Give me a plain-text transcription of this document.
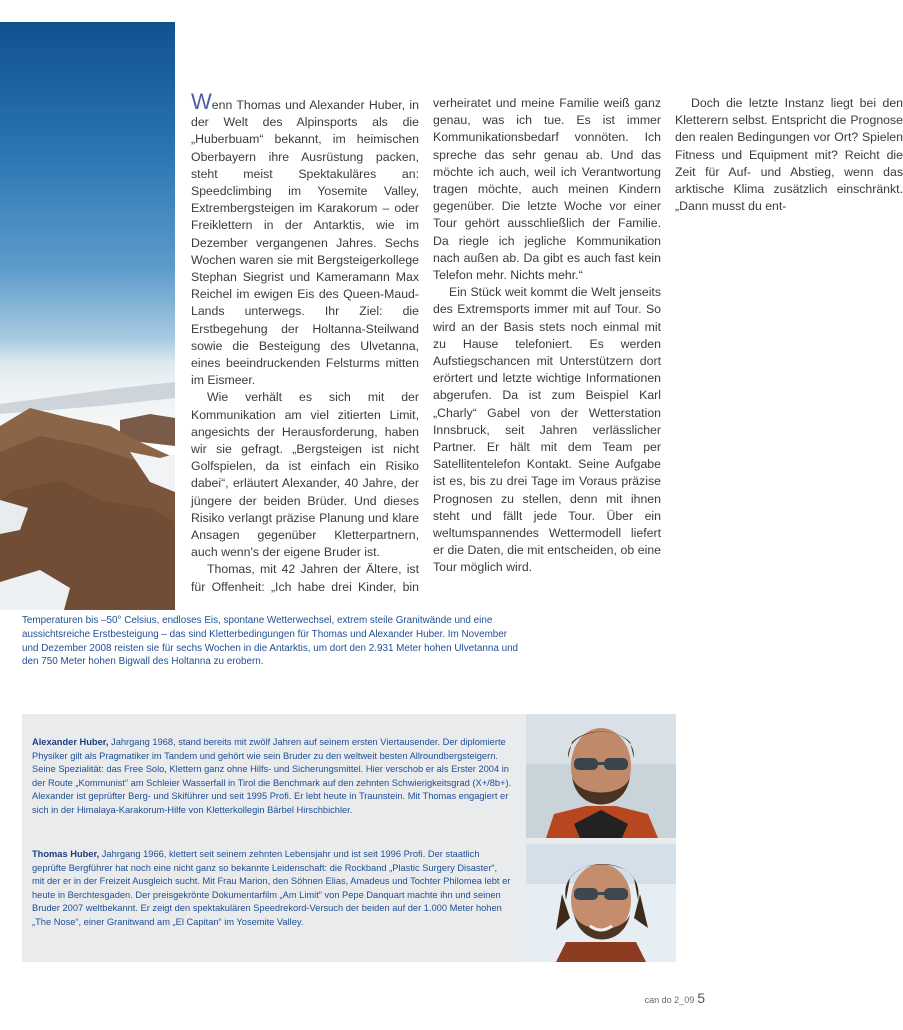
Wenn Thomas und Alexander Huber, in der Welt des Alpinsports als die „Huberbuam“ bekannt, im heimischen Oberbayern ihre Ausrüstung packen, steht meist Spektakuläres an: Speedclimbing im Yosemite Valley, Extrembergsteigen im Karakorum – oder Freiklettern in der Antarktis, wie im Dezember vergangenen Jahres. Sechs Wochen waren sie mit Bergsteigerkollege Stephan Siegrist und Kameramann Max Reichel im ewigen Eis des Queen-Maud-Lands unterwegs. Ihr Ziel: die Erstbegehung der Holtanna-Steilwand sowie die Besteigung des Ulvetanna, eines beeindruckenden Felsturms mitten im Eismeer.

Wie verhält es sich mit der Kommunikation am viel zitierten Limit, angesichts der Herausforderung, haben wir sie gefragt. „Bergsteigen ist nicht Golfspielen, da ist einfach ein Risiko dabei“, erläutert Alexander, 40 Jahre, der jüngere der beiden Brüder. Und dieses Risiko verlangt präzise Planung und klare Ansagen gegenüber Kletterpartnern, auch wenn's der eigene Bruder ist.

Thomas, mit 42 Jahren der Ältere, ist für Offenheit: „Ich habe drei Kinder, bin verheiratet und meine Familie weiß ganz genau, was ich tue. Es ist immer Kommunikationsbedarf vonnöten. Ich spreche das sehr genau ab. Und das möchte ich auch, weil ich Verantwortung tragen möchte, auch meinen Kindern gegenüber. Die letzte Woche vor einer Tour gehört ausschließlich der Familie. Da riegle ich jegliche Kommunikation nach außen ab. Da gibt es auch fast kein Telefon mehr. Nichts mehr.“

Ein Stück weit kommt die Welt jenseits des Extremsports immer mit auf Tour. So wird an der Basis stets noch einmal mit zu Hause telefoniert. Es werden Aufstiegschancen mit Unterstützern dort erörtert und letzte wichtige Informationen abgerufen. Da ist zum Beispiel Karl „Charly“ Gabel von der Wetterstation Innsbruck, seit Jahren verlässlicher Partner. Er hält mit dem Team per Satellitentelefon Kontakt. Seine Aufgabe ist es, bis zu drei Tage im Voraus präzise Prognosen zu stellen, denn mit ihnen steht und fällt jede Tour. Über ein weltumspannendes Wettermodell liefert er die Daten, die mit entscheiden, ob eine Tour möglich wird.

Doch die letzte Instanz liegt bei den Kletterern selbst. Entspricht die Prognose den realen Bedingungen vor Ort? Spielen Fitness und Equipment mit? Reicht die Zeit für Auf- und Abstieg, wenn das arktische Klima zusätzlich einschränkt. „Dann musst du ent-

Temperaturen bis –50° Celsius, endloses Eis, spontane Wetterwechsel, extrem steile Granitwände und eine aussichtsreiche Erstbesteigung – das sind Kletterbedingungen für Thomas und Alexander Huber. Im November und Dezember 2008 reisten sie für sechs Wochen in die Antarktis, um dort den 2.931 Meter hohen Ulvetanna und den 750 Meter hohen Bigwall des Holtanna zu erobern.
Alexander Huber, Jahrgang 1968, stand bereits mit zwölf Jahren auf seinem ersten Viertausender. Der diplomierte Physiker gilt als Pragmatiker im Tandem und gehört wie sein Bruder zu den weltweit besten Allroundbergsteigern. Seine Spezialität: das Free Solo, Klettern ganz ohne Hilfs- und Sicherungsmittel. Hier verschob er als Erster 2004 in der Route „Kommunist“ am Schleier Wasserfall in Tirol die Benchmark auf den zehnten Schwierigkeitsgrad (X+/8b+). Alexander ist geprüfter Berg- und Skiführer und seit 1995 Profi. Er lebt heute in Traunstein. Mit Thomas engagiert er sich in der Himalaya-Karakorum-Hilfe von Kletterkollegin Bärbel Hirschbichler.
Thomas Huber, Jahrgang 1966, klettert seit seinem zehnten Lebensjahr und ist seit 1996 Profi. Der staatlich geprüfte Bergführer hat noch eine nicht ganz so bekannte Leidenschaft: die Rockband „Plastic Surgery Disaster“, mit der er in der Freizeit Ausgleich sucht. Mit Frau Marion, den Söhnen Elias, Amadeus und Tochter Philomea lebt er heute in Berchtesgaden. Der preisgekrönte Dokumentarfilm „Am Limit“ von Pepe Danquart machte ihn und seinen Bruder 2007 weltbekannt. Er zeigt den spektakulären Speedrekord-Versuch der beiden auf der 1.000 Meter hohen „The Nose“, einer Granitwand am „El Capitan“ im Yosemite Valley.
can do 2_09 5
